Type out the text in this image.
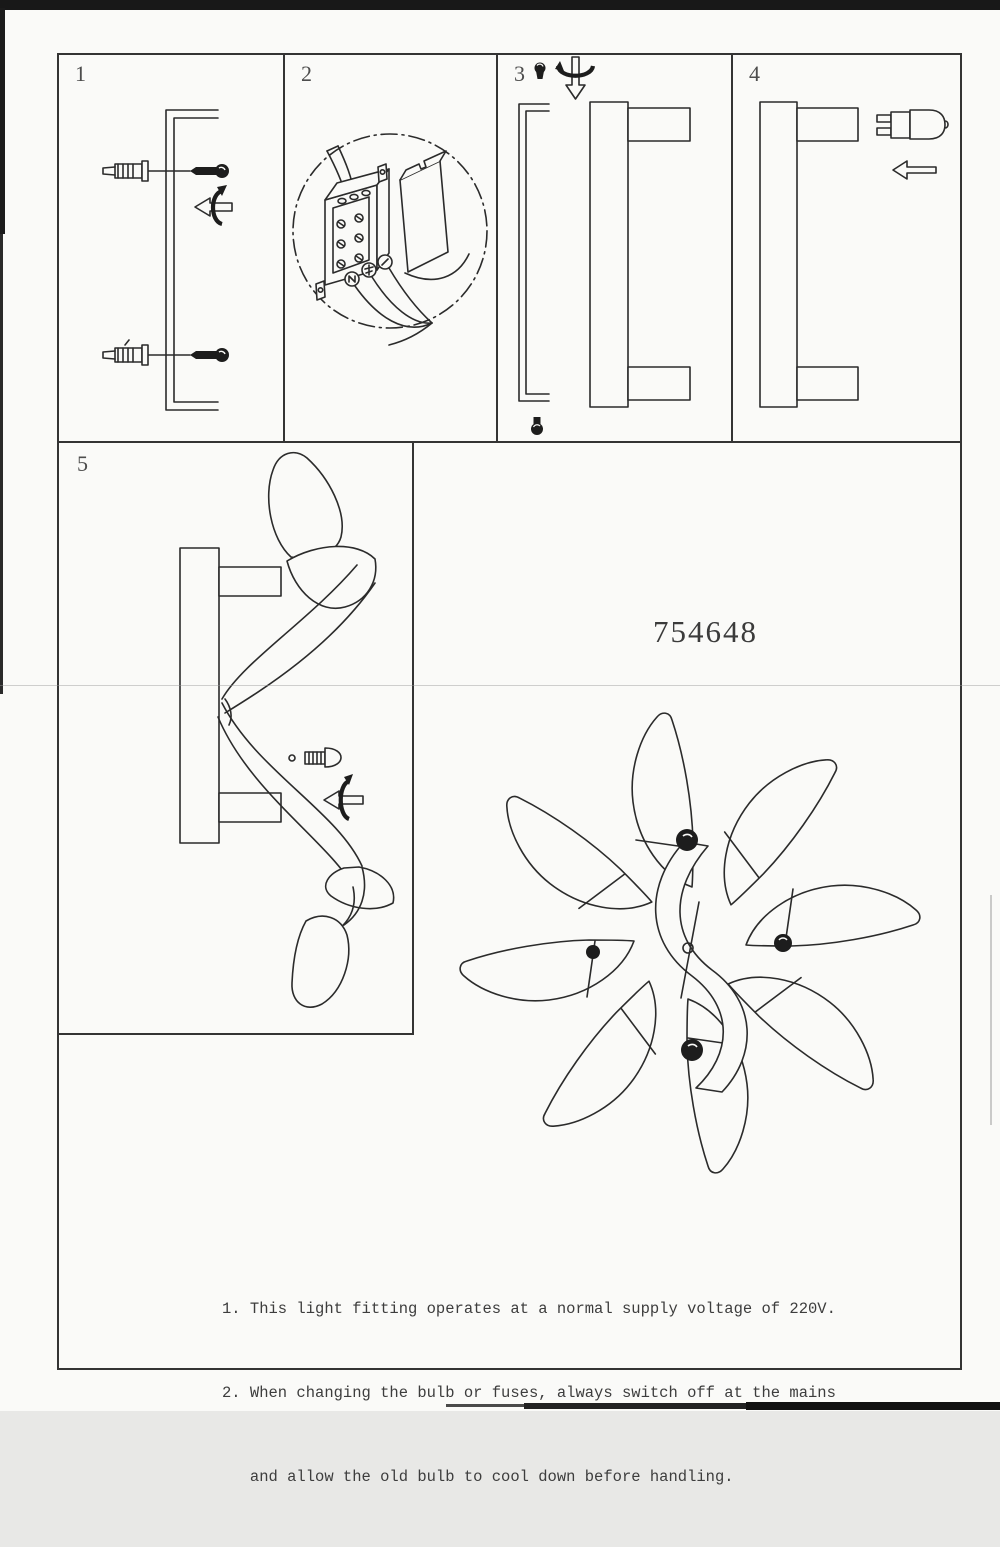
1	2	3	4
5
754648

1. This light fitting operates at a normal supply voltage of 220V.

2. When changing the bulb or fuses, always switch off at the mains

and allow the old bulb to cool down before handling.
